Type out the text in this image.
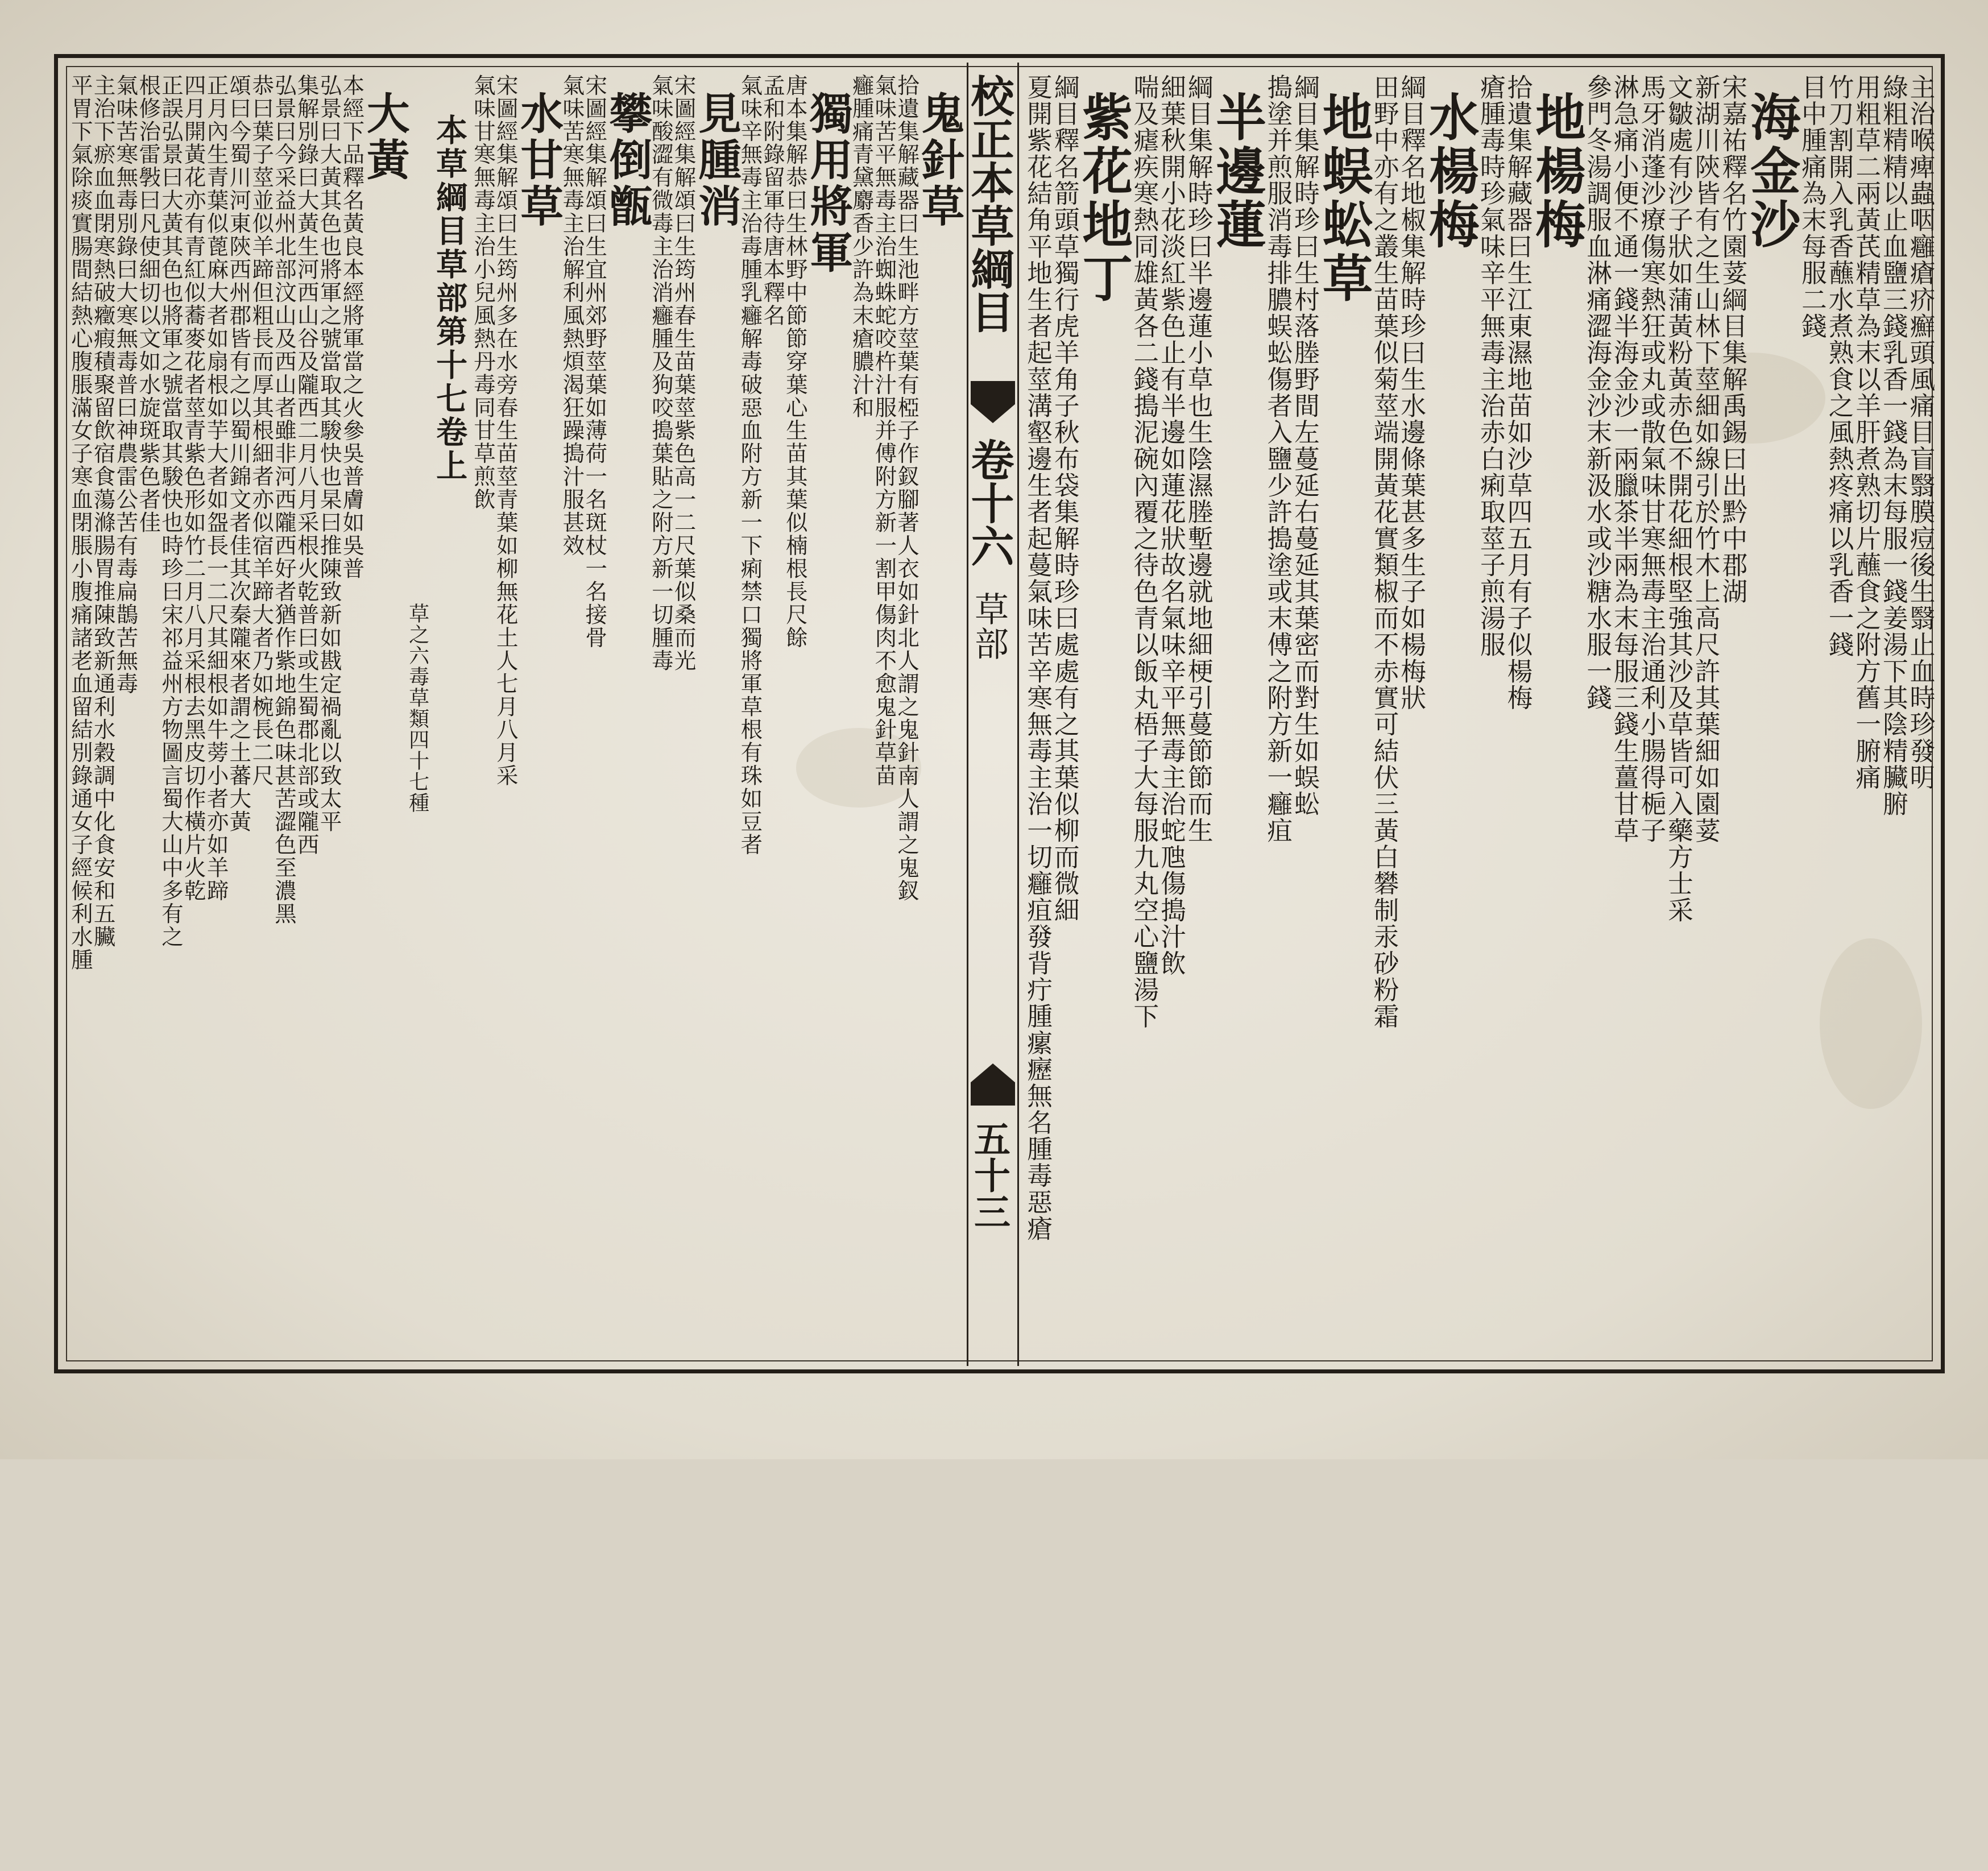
校正本草綱目
卷十六
草部
五十三
主治喉痺蟲咽癰瘡疥癬頭風痛目盲翳膜痘後生翳止血時珍發明
綠粗精精以止血鹽三錢乳香一錢為末每服一錢姜湯下其陰精臟腑
用粗草二兩黃芪精草為末以羊肝煮熟切片蘸食之附方舊一腑痛
竹刀割開入乳香蘸水煮熟食之風熱疼痛以乳香一錢
目中腫痛為末每服二錢
海金沙
宋嘉祐釋名竹園荽綱目集解禹錫曰出黔中郡湖
新湖川陝皆有之生山林下莖細如線引於竹木上高尺許其葉細如園荽
文皺處有沙子狀如蒲黃粉黃赤色不開花細根堅強其沙及草皆可入藥方士采
馬牙消蓬沙療傷寒熱狂或丸或散氣味甘寒無毒主治通利小腸得梔子
淋急痛小便不通一錢半海金沙一兩臘茶半兩為末每服三錢生薑甘草
參門冬湯調服血淋痛澀海金沙末新汲水或沙糖水服一錢
地楊梅
拾遺集解藏器曰生江東濕地苗如沙草四五月有子似楊梅
瘡腫毒時珍氣味辛平無毒主治赤白痢取莖子煎湯服
水楊梅
綱目釋名地椒集解時珍曰生水邊條葉甚多生子如楊梅狀
田野中亦有之叢生苗葉似菊莖端開黃花實類椒而不赤實可結伏三黃白礬制汞砂粉霜
地蜈蚣草
綱目集解時珍曰生村落塍野間左蔓延右蔓延其葉密而對生如蜈蚣
搗塗并煎服消毒排膿蜈蚣傷者入鹽少許搗塗或末傅之附方新一癰疽
半邊蓮
綱目集解時珍曰半邊蓮小草也生陰濕塍塹邊就地細梗引蔓節節而生
細葉秋開小花淡紅紫色止有半邊如蓮花狀故名氣味辛平無毒主治蛇虺傷搗汁飲
喘及瘧疾寒熱同雄黃各二錢搗泥碗內覆之待色青以飯丸梧子大每服九丸空心鹽湯下
紫花地丁
綱目釋名箭頭草獨行虎羊角子秋布袋集解時珍曰處處有之其葉似柳而微細
夏開紫花結角平地生者起莖溝壑邊生者起蔓氣味苦辛寒無毒主治一切癰疽發背疔腫瘰癧無名腫毒惡瘡
鬼針草
拾遺集解藏器曰生池畔方莖葉有椏子作釵腳著人衣如針北人謂之鬼針南人謂之鬼釵
氣味苦平無毒主治蜘蛛蛇咬杵汁服并傅附方新一割甲傷肉不愈鬼針草苗
癰腫痛青黛麝香少許為末瘡膿汁和
獨用將軍
唐本集解恭曰生林野中節節穿葉心生苗其葉似楠根長尺餘
孟和附錄留軍待唐本釋名
氣味辛無毒主治毒腫乳癰解毒破惡血附方新一下痢禁口獨將軍草根有珠如豆者
見腫消
宋圖經集解頌曰生筠州春生苗葉莖紫色高一二尺葉似桑而光
氣味酸澀有微毒主治消癰腫及狗咬搗葉貼之附方新一切腫毒
攀倒甑
宋圖經集解頌曰生宜州郊野莖葉如薄荷一名斑杖一名接骨
氣味苦寒無毒主治解利風熱煩渴狂躁搗汁服甚效
水甘草
宋圖經集解頌曰生筠州多在水旁春生苗莖青葉如柳無花土人七月八月采
氣味甘寒無毒主治小兒風熱丹毒同甘草煎飲
本草綱目草部第十七卷上
草之六毒草類四十七種
大黃
本經下品釋名黃良本經將軍當之火參吳普膚如吳普
弘景曰大黃其色也將軍之號當取其駿快也杲曰推陳致新如戡定禍亂以致太平
集解別錄曰大黃生河西山谷及隴西二月八月采根火乾普曰或生蜀郡北部或隴西
弘景曰今采益州北部汶山及西山者雖非河西隴西好者猶作紫地錦色味甚苦澀色至濃黑
恭曰葉子莖並似羊蹄但粗長而厚其根細者亦似宿羊蹄大者乃如椀長二尺
頌曰今蜀川河東陝西州郡皆有之以蜀川錦文者佳其次秦隴來者謂之土蕃大黃
正月內生青葉似蓖麻大者如扇根如芋大者如盌長一二尺其細根如牛蒡小者亦如羊蹄
四月開黃花亦有青紅似蕎麥花者莖青紫色形如竹二月八月采根去黑皮切作橫片火乾
正誤弘景曰大黃其色也將軍之號當取其駿快也時珍曰宋祁益州方物圖言蜀大山中多有之
根修治雷斅曰凡使細切以文如水旋斑紫色者佳
氣味苦寒無毒別錄曰大寒無毒普曰神農雷公苦有毒扁鵲苦無毒
主治下瘀血血閉寒熱破癥瘕積聚留飲宿食蕩滌腸胃推陳致新通利水穀調中化食安和五臟
平胃下氣除痰實腸間結熱心腹脹滿女子寒血閉脹小腹痛諸老血留結別錄通女子經候利水腫
